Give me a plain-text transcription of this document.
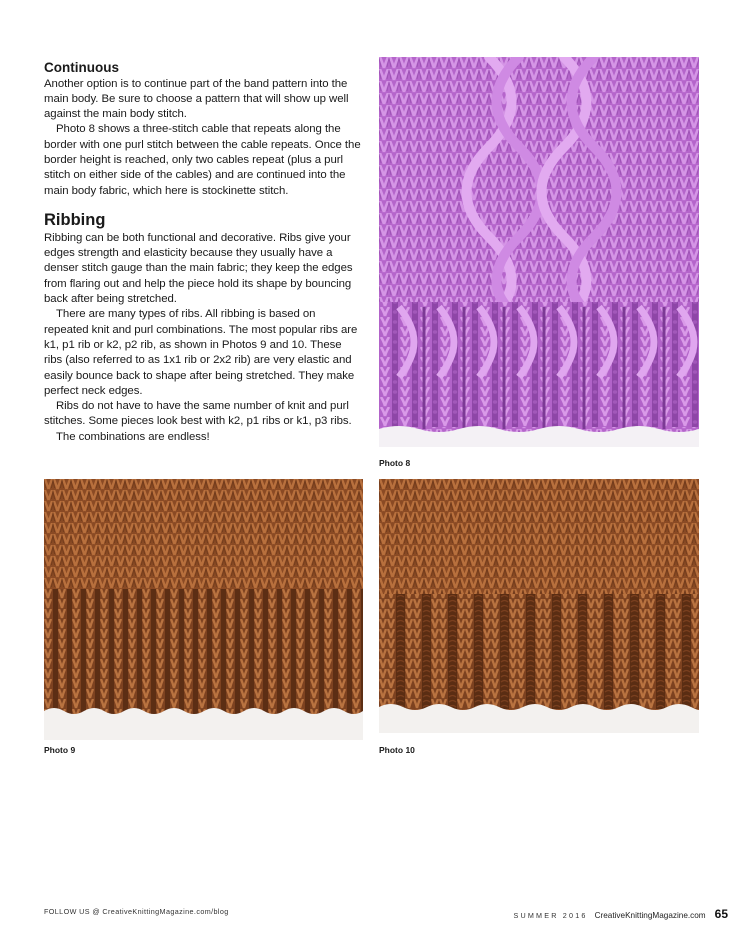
Continuous

Another option is to continue part of the band pattern into the main body. Be sure to choose a pattern that will show up well against the main body stitch.

Photo 8 shows a three-stitch cable that repeats along the border with one purl stitch between the cable repeats. Once the border height is reached, only two cables repeat (plus a purl stitch on either side of the cables) and are continued into the main body fabric, which here is stockinette stitch.

Ribbing

Ribbing can be both functional and decorative. Ribs give your edges strength and elasticity because they usually have a denser stitch gauge than the main fabric; they keep the edges from flaring out and help the piece hold its shape by bouncing back after being stretched.

There are many types of ribs. All ribbing is based on repeated knit and purl combinations. The most popular ribs are k1, p1 rib or k2, p2 rib, as shown in Photos 9 and 10. These ribs (also referred to as 1x1 rib or 2x2 rib) are very elastic and easily bounce back to shape after being stretched. They make perfect neck edges.

Ribs do not have to have the same number of knit and purl stitches. Some pieces look best with k2, p1 ribs or k1, p3 ribs.

The combinations are endless!

Photo 8
Photo 9	Photo 10
FOLLOW US @ CreativeKnittingMagazine.com/blog	SUMMER 2016 CreativeKnittingMagazine.com 65
